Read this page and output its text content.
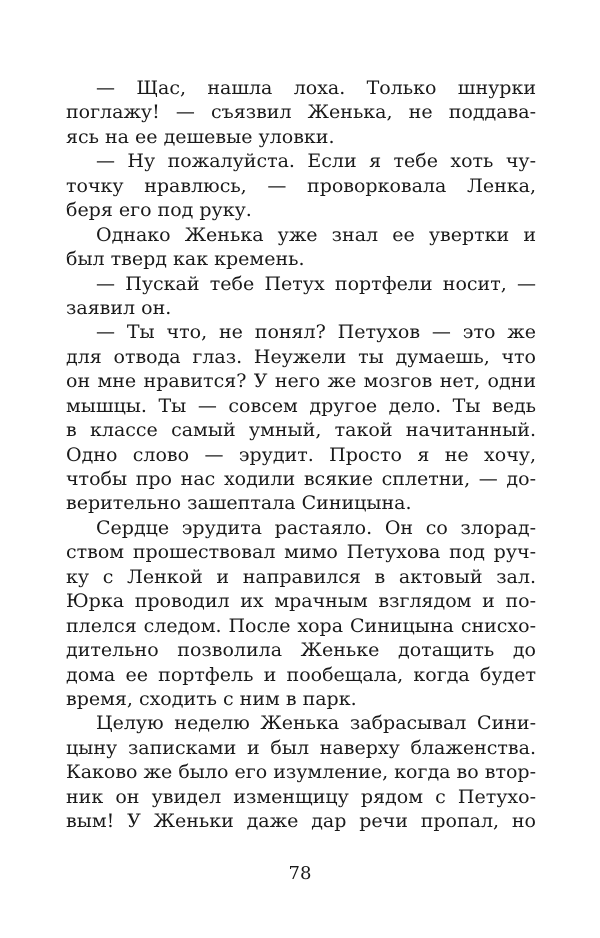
— Щас, нашла лоха. Только шнурки
поглажу! — съязвил Женька, не поддава-
ясь на ее дешевые уловки.
— Ну пожалуйста. Если я тебе хоть чу-
точку нравлюсь, — проворковала Ленка,
беря его под руку.
Однако Женька уже знал ее увертки и
был тверд как кремень.
— Пускай тебе Петух портфели носит, —
заявил он.
— Ты что, не понял? Петухов — это же
для отвода глаз. Неужели ты думаешь, что
он мне нравится? У него же мозгов нет, одни
мышцы. Ты — совсем другое дело. Ты ведь
в классе самый умный, такой начитанный.
Одно слово — эрудит. Просто я не хочу,
чтобы про нас ходили всякие сплетни, — до-
верительно зашептала Синицына.
Сердце эрудита растаяло. Он со злорад-
ством прошествовал мимо Петухова под руч-
ку с Ленкой и направился в актовый зал.
Юрка проводил их мрачным взглядом и по-
плелся следом. После хора Синицына снисхо-
дительно позволила Женьке дотащить до
дома ее портфель и пообещала, когда будет
время, сходить с ним в парк.
Целую неделю Женька забрасывал Сини-
цыну записками и был наверху блаженства.
Каково же было его изумление, когда во втор-
ник он увидел изменщицу рядом с Петухо-
вым! У Женьки даже дар речи пропал, но
78
